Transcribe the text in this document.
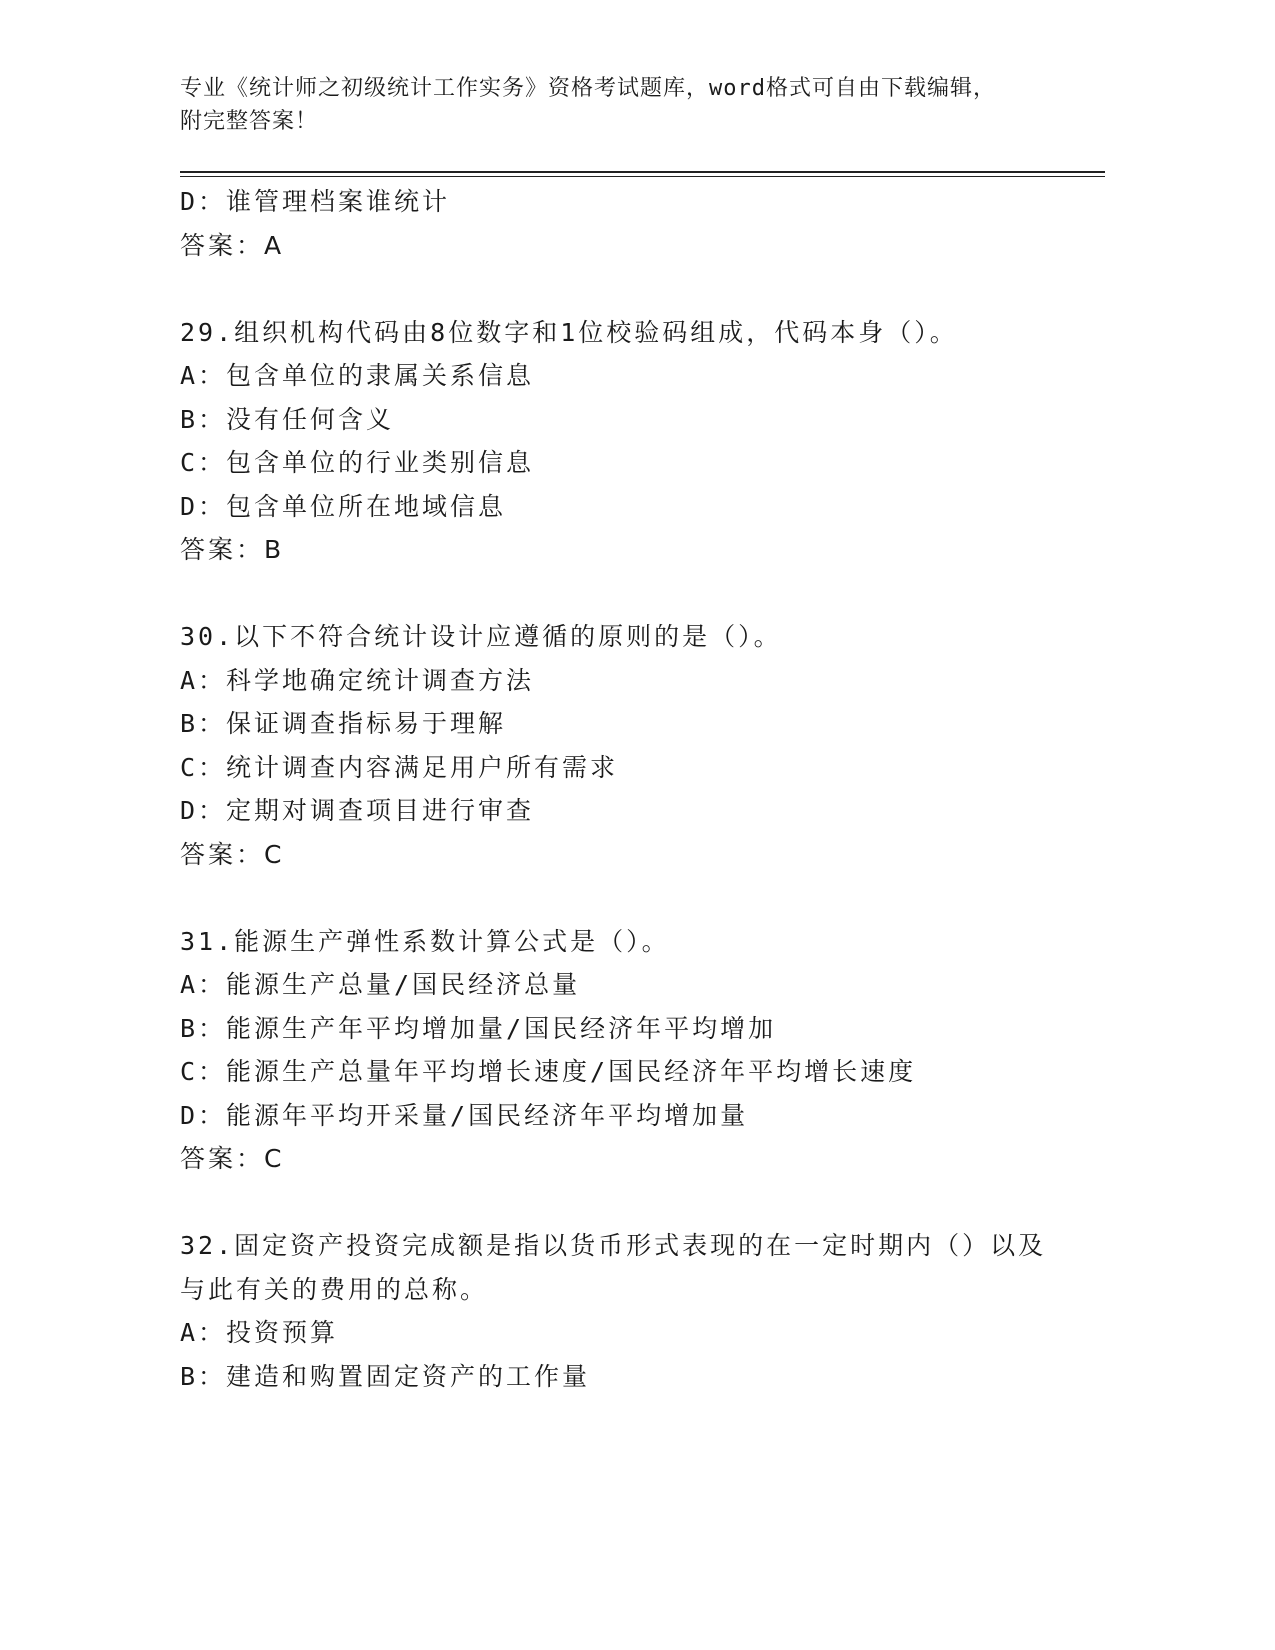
专业《统计师之初级统计工作实务》资格考试题库，word格式可自由下载编辑，
附完整答案！
D：谁管理档案谁统计
答案：A
29.组织机构代码由8位数字和1位校验码组成，代码本身（）。
A：包含单位的隶属关系信息
B：没有任何含义
C：包含单位的行业类别信息
D：包含单位所在地域信息
答案：B
30.以下不符合统计设计应遵循的原则的是（）。
A：科学地确定统计调查方法
B：保证调查指标易于理解
C：统计调查内容满足用户所有需求
D：定期对调查项目进行审查
答案：C
31.能源生产弹性系数计算公式是（）。
A：能源生产总量/国民经济总量
B：能源生产年平均增加量/国民经济年平均增加
C：能源生产总量年平均增长速度/国民经济年平均增长速度
D：能源年平均开采量/国民经济年平均增加量
答案：C
32.固定资产投资完成额是指以货币形式表现的在一定时期内（）以及
与此有关的费用的总称。
A：投资预算
B：建造和购置固定资产的工作量
